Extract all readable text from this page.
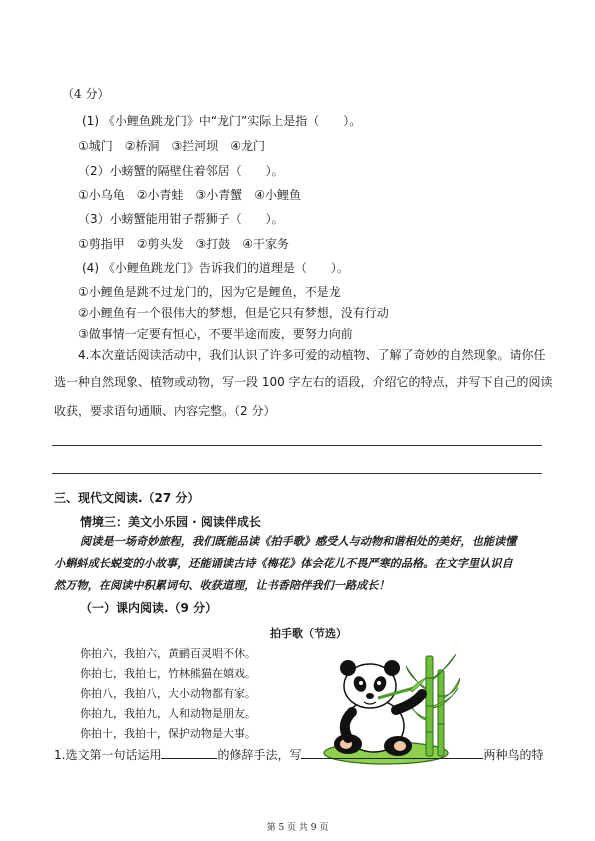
（4 分）
(1) 《小鲤鱼跳龙门》中“龙门”实际上是指（　　）。
①城门　②桥洞　③拦河坝　④龙门
（2）小螃蟹的隔壁住着邻居（　　）。
①小乌龟　②小青蛙　③小青蟹　④小鲤鱼
（3）小螃蟹能用钳子帮狮子（　　）。
①剪指甲　②剪头发　③打鼓　④干家务
(4) 《小鲤鱼跳龙门》告诉我们的道理是（　　）。
①小鲤鱼是跳不过龙门的，因为它是鲤鱼，不是龙
②小鲤鱼有一个很伟大的梦想，但是它只有梦想，没有行动
③做事情一定要有恒心，不要半途而废，要努力向前
4.本次童话阅读活动中，我们认识了许多可爱的动植物、了解了奇妙的自然现象。请你任
选一种自然现象、植物或动物，写一段 100 字左右的语段，介绍它的特点，并写下自己的阅读
收获，要求语句通顺、内容完整。（2 分）
三、现代文阅读.（27 分）
情境三：美文小乐园 · 阅读伴成长
阅读是一场奇妙旅程，我们既能品读《拍手歌》感受人与动物和谐相处的美好，也能读懂
小蝌蚪成长蜕变的小故事，还能诵读古诗《梅花》体会花儿不畏严寒的品格。在文字里认识自
然万物，在阅读中积累词句、收获道理，让书香陪伴我们一路成长！
（一）课内阅读.（9 分）
拍手歌（节选）
你拍六，我拍六，黄鹂百灵唱不休。
你拍七，我拍七，竹林熊猫在嬉戏。
你拍八，我拍八，大小动物都有家。
你拍九，我拍九，人和动物是朋友。
你拍十，我拍十，保护动物是大事。
1.选文第一句话运用	的修辞手法，写	两种鸟的特
第 5 页 共 9 页
